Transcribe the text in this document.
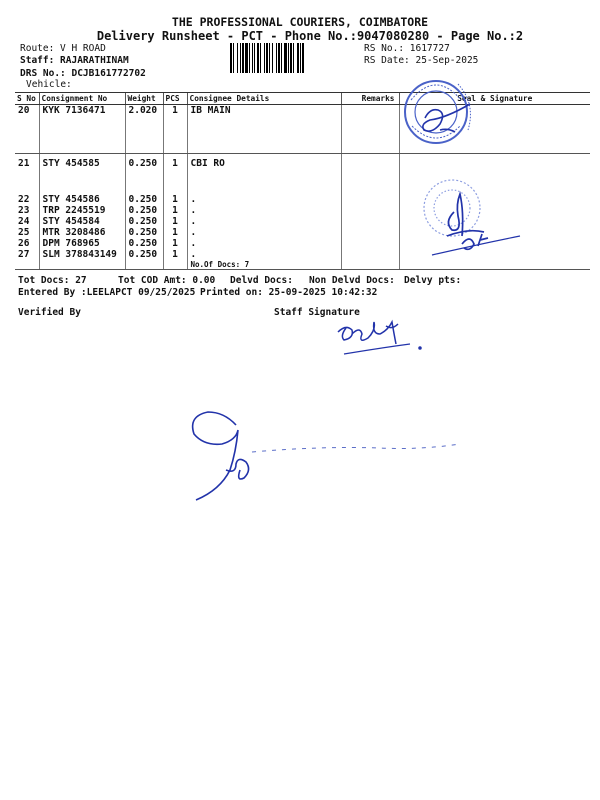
THE PROFESSIONAL COURIERS, COIMBATORE
Delivery Runsheet - PCT - Phone No.:9047080280 - Page No.:2
Route: V H ROAD
Staff: RAJARATHINAM
DRS No.: DCJB161772702
Vehicle:
RS No.: 1617727
RS Date: 25-Sep-2025
S No	Consignment No	Weight	PCS	Consignee Details	Remarks	Seal & Signature
20	KYK 7136471	2.020	1	IB MAIN		
21	STY 454585	0.250	1	CBI RO		
22	STY 454586	0.250	1	.		
23	TRP 2245519	0.250	1	.		
24	STY 454584	0.250	1	.		
25	MTR 3208486	0.250	1	.		
26	DPM 768965	0.250	1	.		
27	SLM 378843149	0.250	1	.		
				No.Of Docs: 7		
Tot Docs: 27	Tot COD Amt: 0.00 Delvd Docs: Non Delvd Docs: Delvy pts:
Entered By :LEELAPCT 09/25/2025 Printed on: 25-09-2025 10:42:32
Verified By	Staff Signature
